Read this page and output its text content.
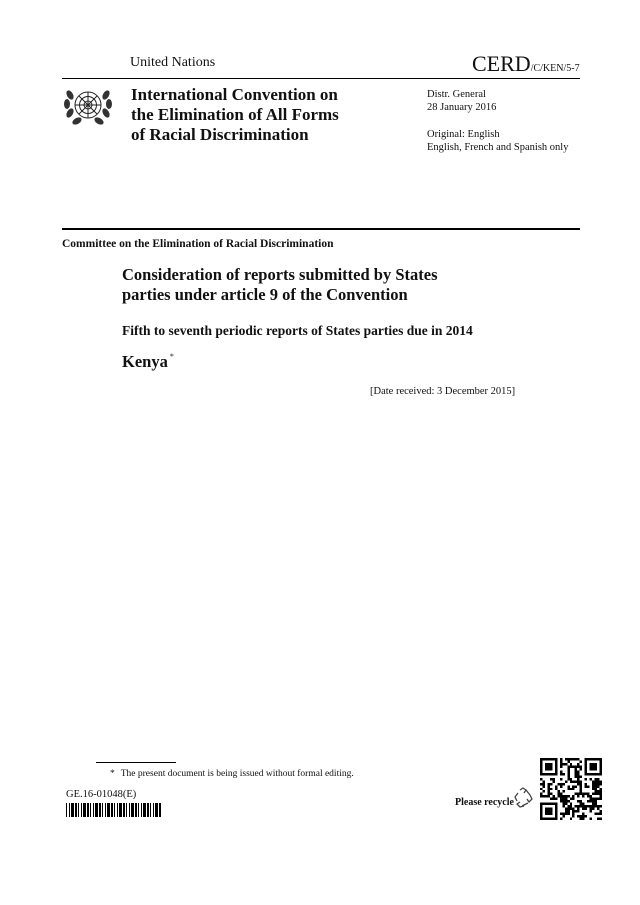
United Nations	CERD/C/KEN/5-7
International Convention on
the Elimination of All Forms
of Racial Discrimination
Distr. General
28 January 2016
Original: English
English, French and Spanish only
Committee on the Elimination of Racial Discrimination
Consideration of reports submitted by States
parties under article 9 of the Convention
Fifth to seventh periodic reports of States parties due in 2014
Kenya *
[Date received: 3 December 2015]
* The present document is being issued without formal editing.
GE.16-01048(E)
Please recycle
